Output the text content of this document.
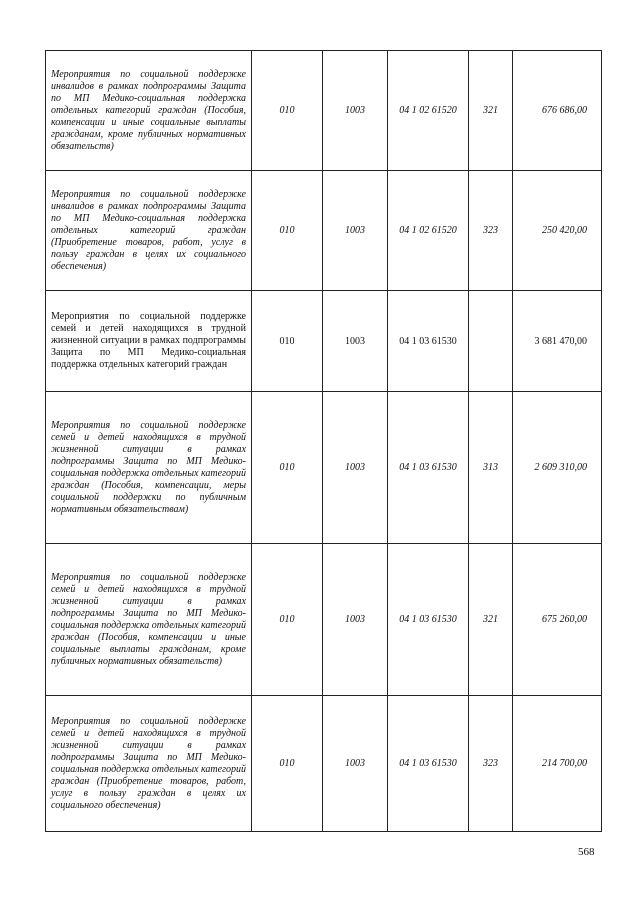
Мероприятия по социальной поддержке инвалидов в рамках подпрограммы Защита по МП Медико-социальная поддержка отдельных категорий граждан (Пособия, компенсации и иные социальные выплаты гражданам, кроме публичных нормативных обязательств)	010	1003	04 1 02 61520	321	676 686,00
Мероприятия по социальной поддержке инвалидов в рамках подпрограммы Защита по МП Медико-социальная поддержка отдельных категорий граждан (Приобретение товаров, работ, услуг в пользу граждан в целях их социального обеспечения)	010	1003	04 1 02 61520	323	250 420,00
Мероприятия по социальной поддержке семей и детей находящихся в трудной жизненной ситуации в рамках подпрограммы Защита по МП Медико-социальная поддержка отдельных категорий граждан	010	1003	04 1 03 61530		3 681 470,00
Мероприятия по социальной поддержке семей и детей находящихся в трудной жизненной ситуации в рамках подпрограммы Защита по МП Медико-социальная поддержка отдельных категорий граждан (Пособия, компенсации, меры социальной поддержки по публичным нормативным обязательствам)	010	1003	04 1 03 61530	313	2 609 310,00
Мероприятия по социальной поддержке семей и детей находящихся в трудной жизненной ситуации в рамках подпрограммы Защита по МП Медико-социальная поддержка отдельных категорий граждан (Пособия, компенсации и иные социальные выплаты гражданам, кроме публичных нормативных обязательств)	010	1003	04 1 03 61530	321	675 260,00
Мероприятия по социальной поддержке семей и детей находящихся в трудной жизненной ситуации в рамках подпрограммы Защита по МП Медико-социальная поддержка отдельных категорий граждан (Приобретение товаров, работ, услуг в пользу граждан в целях их социального обеспечения)	010	1003	04 1 03 61530	323	214 700,00
568
